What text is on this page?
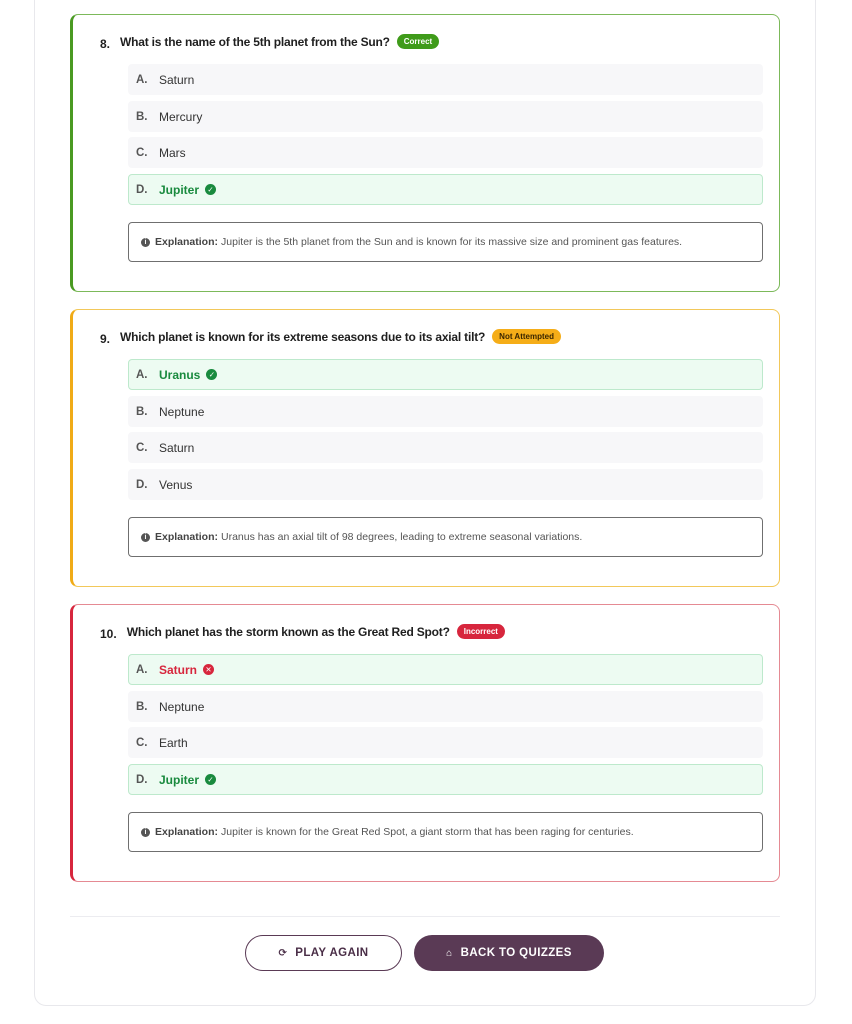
8. What is the name of the 5th planet from the Sun?	Correct
A. Saturn
B. Mercury
C. Mars
D. Jupiter	✓
i Explanation: Jupiter is the 5th planet from the Sun and is known for its massive size and prominent gas features.
9. Which planet is known for its extreme seasons due to its axial tilt?	Not Attempted
A. Uranus	✓
B. Neptune
C. Saturn
D. Venus
i Explanation: Uranus has an axial tilt of 98 degrees, leading to extreme seasonal variations.
10. Which planet has the storm known as the Great Red Spot?	Incorrect
A. Saturn	✕
B. Neptune
C. Earth
D. Jupiter	✓
i Explanation: Jupiter is known for the Great Red Spot, a giant storm that has been raging for centuries.
⟳ PLAY AGAIN	⌂ BACK TO QUIZZES
